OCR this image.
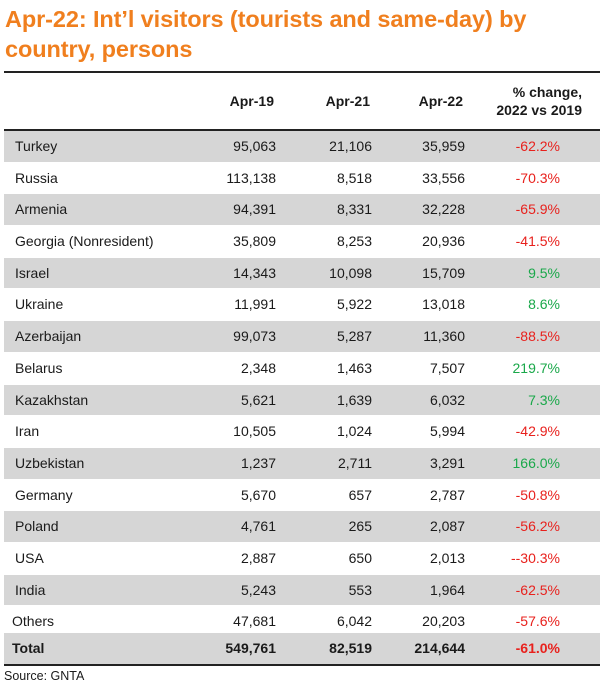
Apr-22: Int’l visitors (tourists and same-day) by country, persons
Apr-19	Apr-21	Apr-22
% change,
2022 vs 2019
Turkey	95,063	21,106	35,959	-62.2%
Russia	113,138	8,518	33,556	-70.3%
Armenia	94,391	8,331	32,228	-65.9%
Georgia (Nonresident)	35,809	8,253	20,936	-41.5%
Israel	14,343	10,098	15,709	9.5%
Ukraine	11,991	5,922	13,018	8.6%
Azerbaijan	99,073	5,287	11,360	-88.5%
Belarus	2,348	1,463	7,507	219.7%
Kazakhstan	5,621	1,639	6,032	7.3%
Iran	10,505	1,024	5,994	-42.9%
Uzbekistan	1,237	2,711	3,291	166.0%
Germany	5,670	657	2,787	-50.8%
Poland	4,761	265	2,087	-56.2%
USA	2,887	650	2,013	--30.3%
India	5,243	553	1,964	-62.5%
Others	47,681	6,042	20,203	-57.6%
Total	549,761	82,519	214,644	-61.0%
Source: GNTA
